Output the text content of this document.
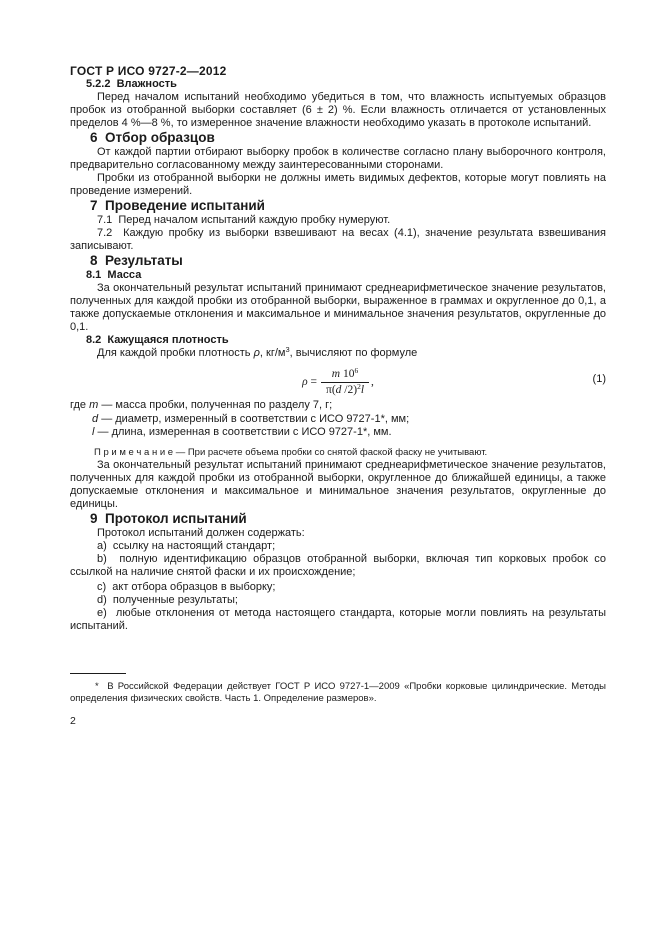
ГОСТ Р ИСО 9727-2—2012

5.2.2  Влажность

Перед началом испытаний необходимо убедиться в том, что влажность испытуемых образцов пробок из отобранной выборки составляет (6 ± 2) %. Если влажность отличается от установленных пределов 4 %—8 %, то измеренное значение влажности необходимо указать в протоколе испытаний.

6  Отбор образцов

От каждой партии отбирают выборку пробок в количестве согласно плану выборочного контроля, предварительно согласованному между заинтересованными сторонами.

Пробки из отобранной выборки не должны иметь видимых дефектов, которые могут повлиять на проведение измерений.

7  Проведение испытаний

7.1  Перед началом испытаний каждую пробку нумеруют.

7.2  Каждую пробку из выборки взвешивают на весах (4.1), значение результата взвешивания записывают.

8  Результаты
8.1  Масса

За окончательный результат испытаний принимают среднеарифметическое значение результатов, полученных для каждой пробки из отобранной выборки, выраженное в граммах и округленное до 0,1, а также допускаемые отклонения и максимальное и минимальное значения результатов, округленные до 0,1.

8.2  Кажущаяся плотность

Для каждой пробки плотность ρ, $кг/м^3$, вычисляют по формуле

ρ
= $\frac{m 10^6}{\pi(d /2)^2l}$ ,	(1)

где m — масса пробки, полученная по разделу 7, г;

d — диаметр, измеренный в соответствии с ИСО 9727-1*, мм;

l — длина, измеренная в соответствии с ИСО 9727-1*, мм.

П р и м е ч а н и е — При расчете объема пробки со снятой фаской фаску не учитывают.

За окончательный результат испытаний принимают среднеарифметическое значение результатов, полученных для каждой пробки из отобранной выборки, округленное до ближайшей единицы, а также допускаемые отклонения и максимальное и минимальное значения результатов, округленные до единицы.

9  Протокол испытаний

Протокол испытаний должен содержать:

a)  ссылку на настоящий стандарт;

b)  полную идентификацию образцов отобранной выборки, включая тип корковых пробок со ссылкой на наличие снятой фаски и их происхождение;

c)  акт отбора образцов в выборку;

d)  полученные результаты;

e)  любые отклонения от метода настоящего стандарта, которые могли повлиять на результаты испытаний.

*  В Российской Федерации действует ГОСТ Р ИСО 9727-1—2009 «Пробки корковые цилиндрические. Методы определения физических свойств. Часть 1. Определение размеров».

2
